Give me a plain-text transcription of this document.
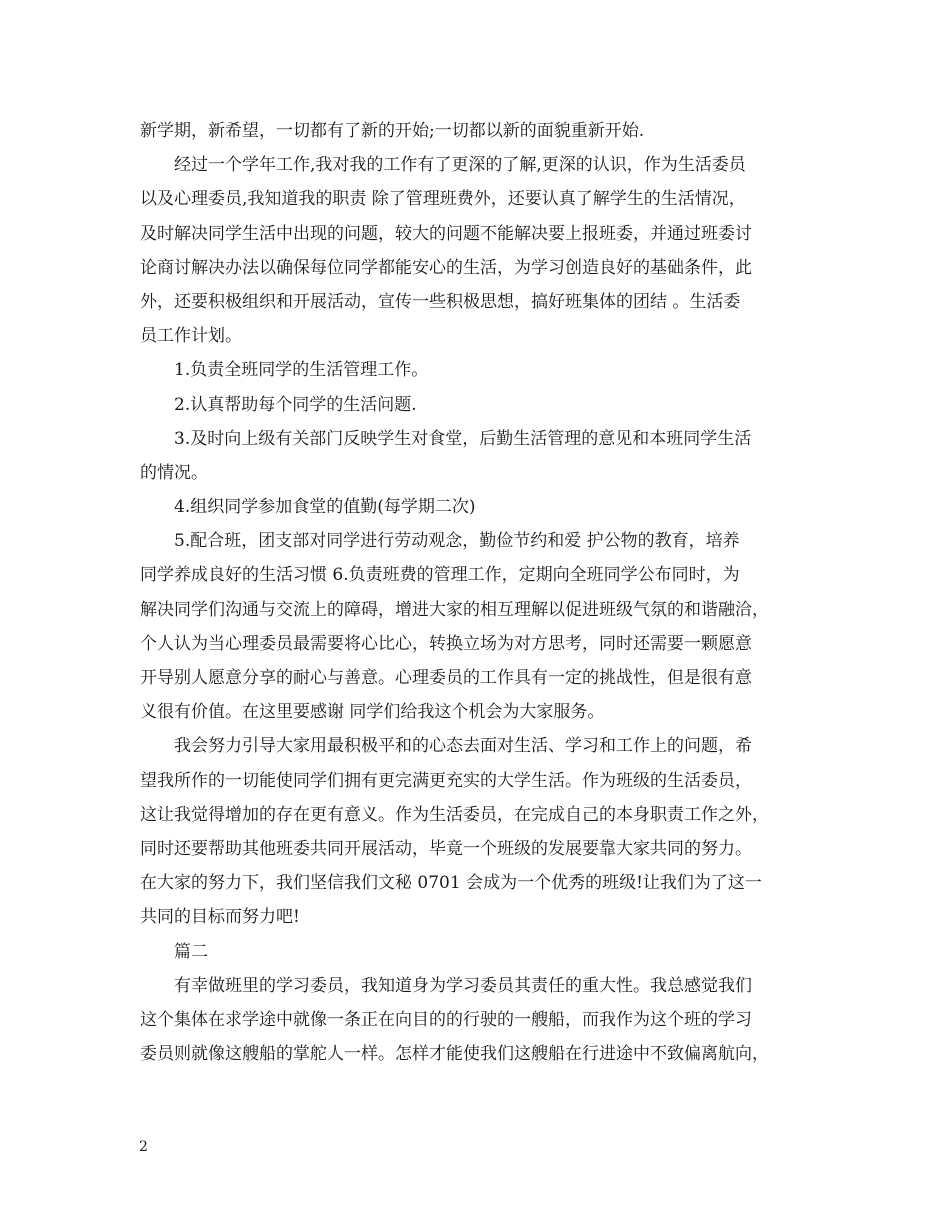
新学期，新希望，一切都有了新的开始;一切都以新的面貌重新开始.
经过一个学年工作,我对我的工作有了更深的了解,更深的认识，作为生活委员
以及心理委员,我知道我的职责 除了管理班费外，还要认真了解学生的生活情况，
及时解决同学生活中出现的问题，较大的问题不能解决要上报班委，并通过班委讨
论商讨解决办法以确保每位同学都能安心的生活，为学习创造良好的基础条件，此
外，还要积极组织和开展活动，宣传一些积极思想，搞好班集体的团结 。生活委
员工作计划。
1.负责全班同学的生活管理工作。
2.认真帮助每个同学的生活问题.
3.及时向上级有关部门反映学生对食堂，后勤生活管理的意见和本班同学生活
的情况。
4.组织同学参加食堂的值勤(每学期二次)
5.配合班，团支部对同学进行劳动观念，勤俭节约和爱 护公物的教育，培养
同学养成良好的生活习惯 6.负责班费的管理工作，定期向全班同学公布同时，为
解决同学们沟通与交流上的障碍，增进大家的相互理解以促进班级气氛的和谐融洽，
个人认为当心理委员最需要将心比心，转换立场为对方思考，同时还需要一颗愿意
开导别人愿意分享的耐心与善意。心理委员的工作具有一定的挑战性，但是很有意
义很有价值。在这里要感谢 同学们给我这个机会为大家服务。
我会努力引导大家用最积极平和的心态去面对生活、学习和工作上的问题，希
望我所作的一切能使同学们拥有更完满更充实的大学生活。作为班级的生活委员，
这让我觉得增加的存在更有意义。作为生活委员，在完成自己的本身职责工作之外，
同时还要帮助其他班委共同开展活动，毕竟一个班级的发展要靠大家共同的努力。
在大家的努力下，我们坚信我们文秘 0701 会成为一个优秀的班级!让我们为了这一
共同的目标而努力吧!
篇二
有幸做班里的学习委员，我知道身为学习委员其责任的重大性。我总感觉我们
这个集体在求学途中就像一条正在向目的的行驶的一艘船，而我作为这个班的学习
委员则就像这艘船的掌舵人一样。怎样才能使我们这艘船在行进途中不致偏离航向，
2
